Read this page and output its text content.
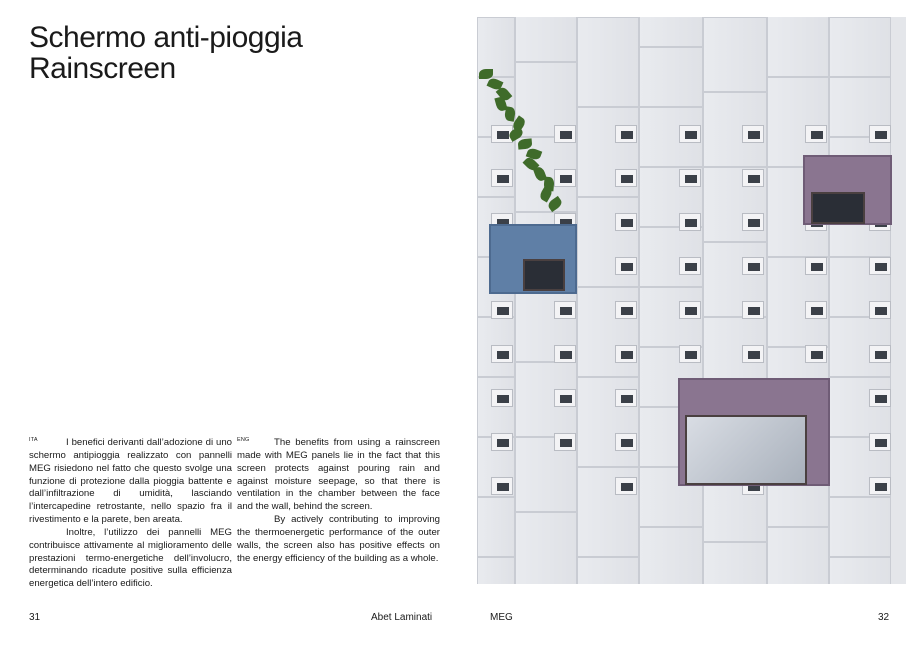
Schermo anti-pioggia
Rainscreen
ITA	I benefici derivanti dall’adozione di uno schermo antipioggia realizzato con pannelli MEG risiedono nel fatto che questo svolge una funzione di protezione dalla pioggia battente e dall’infiltrazione di umidità, lasciando l’intercapedine retrostante, nello spazio fra il rivestimento e la parete, ben areata.

Inoltre, l’utilizzo dei pannelli MEG contribuisce attivamente al miglioramento delle prestazioni termo-energetiche dell’involucro, determinando ricadute positive sulla efficienza energetica dell’intero edificio.

ENG	The benefits from using a rainscreen made with MEG panels lie in the fact that this screen protects against pouring rain and against moisture seepage, so that there is ventilation in the chamber between the face and the wall, behind the screen.

By actively contributing to improving the thermoenergetic performance of the outer walls, the screen also has positive effects on the energy efficiency of the building as a whole.

31	Abet Laminati	MEG	32
